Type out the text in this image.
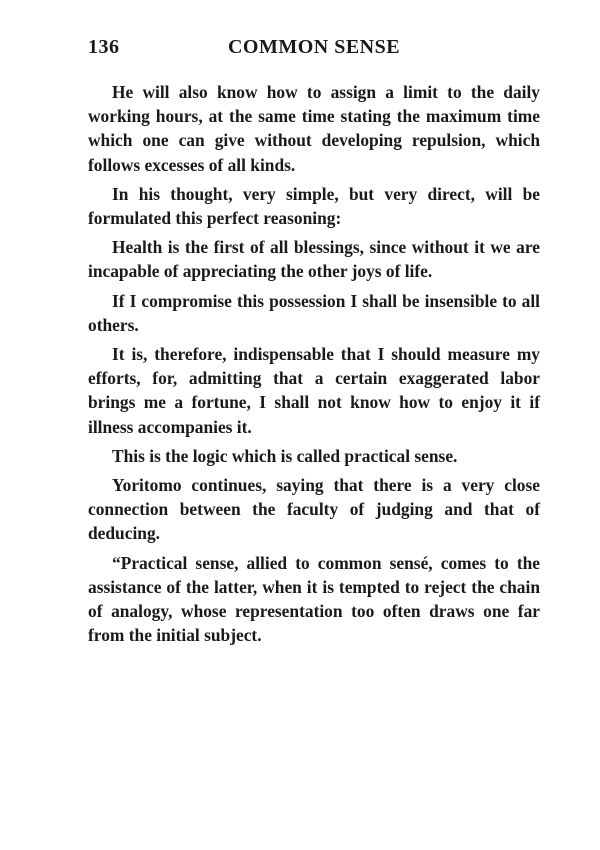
136	COMMON SENSE

He will also know how to assign a limit to the daily working hours, at the same time stating the maximum time which one can give without developing repulsion, which follows excesses of all kinds.

In his thought, very simple, but very direct, will be formulated this perfect reasoning:

Health is the first of all blessings, since without it we are incapable of appreciating the other joys of life.

If I compromise this possession I shall be insensible to all others.

It is, therefore, indispensable that I should measure my efforts, for, admitting that a certain exaggerated labor brings me a fortune, I shall not know how to enjoy it if illness accompanies it.

This is the logic which is called practical sense.

Yoritomo continues, saying that there is a very close connection between the faculty of judging and that of deducing.

“Practical sense, allied to common sensé, comes to the assistance of the latter, when it is tempted to reject the chain of analogy, whose representation too often draws one far from the initial subject.
